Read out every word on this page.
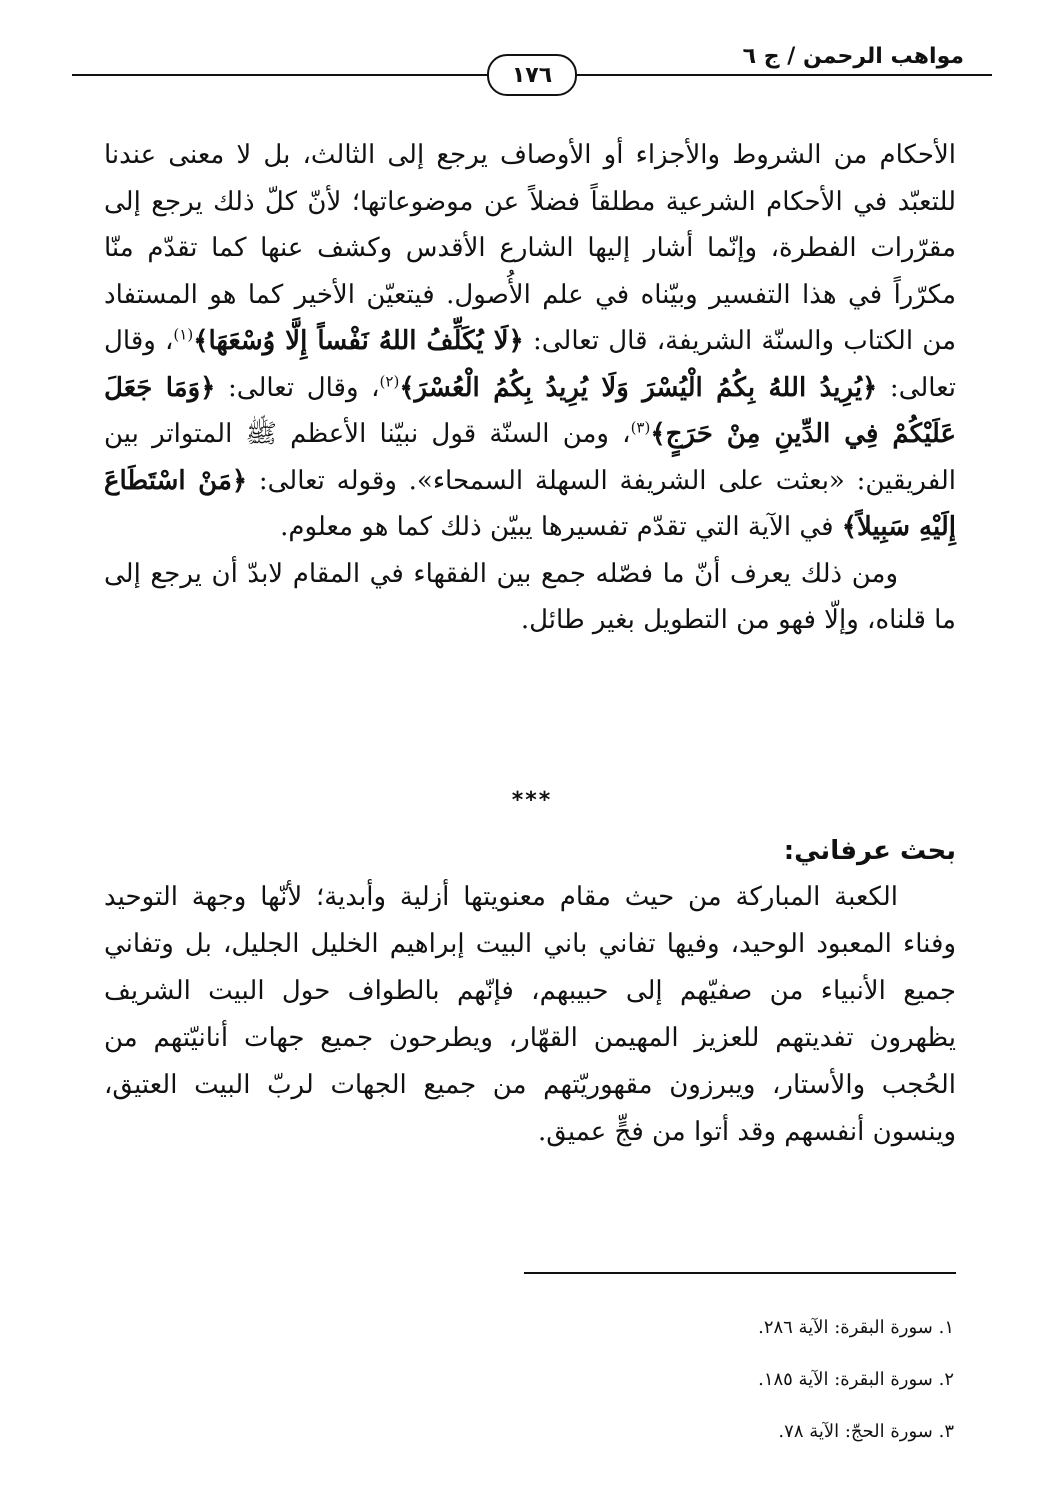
مواهب الرحمن / ج ٦
١٧٦

الأحكام من الشروط والأجزاء أو الأوصاف يرجع إلى الثالث، بل لا معنى عندنا للتعبّد في الأحكام الشرعية مطلقاً فضلاً عن موضوعاتها؛ لأنّ كلّ ذلك يرجع إلى مقرّرات الفطرة، وإنّما أشار إليها الشارع الأقدس وكشف عنها كما تقدّم منّا مكرّراً في هذا التفسير وبيّناه في علم الأُصول. فيتعيّن الأخير كما هو المستفاد من الكتاب والسنّة الشريفة، قال تعالى: ﴿لَا يُكَلِّفُ اللهُ نَفْساً إِلَّا وُسْعَهَا﴾$^{(١)}$، وقال تعالى: ﴿يُرِيدُ اللهُ بِكُمُ الْيُسْرَ وَلَا يُرِيدُ بِكُمُ الْعُسْرَ﴾$^{(٢)}$، وقال تعالى: ﴿وَمَا جَعَلَ عَلَيْكُمْ فِي الدِّينِ مِنْ حَرَجٍ﴾$^{(٣)}$، ومن السنّة قول نبيّنا الأعظم ﷺ المتواتر بين الفريقين: «بعثت على الشريفة السهلة السمحاء». وقوله تعالى: ﴿مَنْ اسْتَطَاعَ إِلَيْهِ سَبِيلاً﴾ في الآية التي تقدّم تفسيرها يبيّن ذلك كما هو معلوم.

ومن ذلك يعرف أنّ ما فصّله جمع بين الفقهاء في المقام لابدّ أن يرجع إلى ما قلناه، وإلّا فهو من التطويل بغير طائل.

***
بحث عرفاني:

الكعبة المباركة من حيث مقام معنويتها أزلية وأبدية؛ لأنّها وجهة التوحيد وفناء المعبود الوحيد، وفيها تفاني باني البيت إبراهيم الخليل الجليل، بل وتفاني جميع الأنبياء من صفيّهم إلى حبيبهم، فإنّهم بالطواف حول البيت الشريف يظهرون تفديتهم للعزيز المهيمن القهّار، ويطرحون جميع جهات أنانيّتهم من الحُجب والأستار، ويبرزون مقهوريّتهم من جميع الجهات لربّ البيت العتيق، وينسون أنفسهم وقد أتوا من فجٍّ عميق.

١. سورة البقرة: الآية ٢٨٦.
٢. سورة البقرة: الآية ١٨٥.
٣. سورة الحجّ: الآية ٧٨.
